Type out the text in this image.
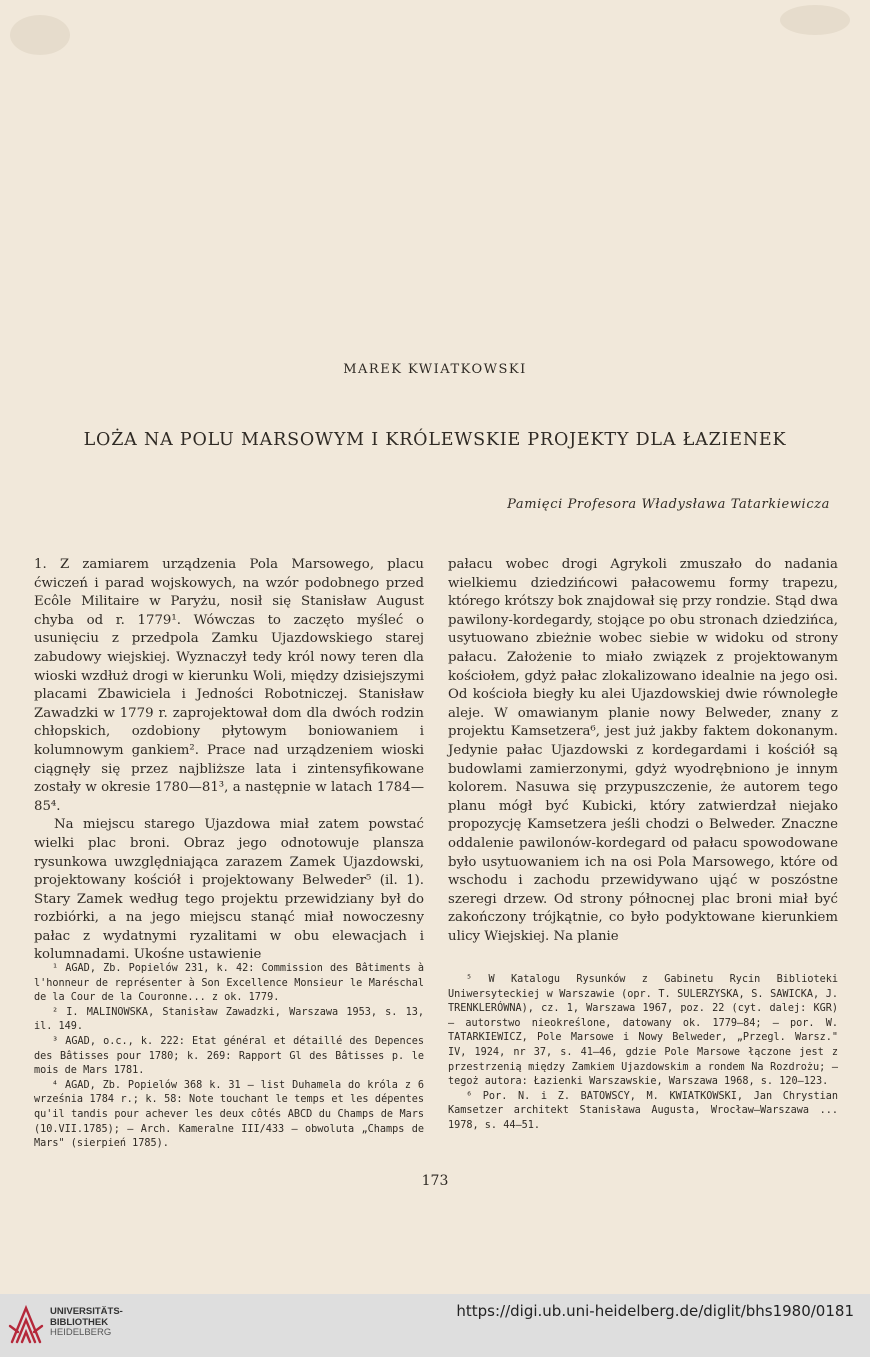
MAREK KWIATKOWSKI
LOŻA NA POLU MARSOWYM I KRÓLEWSKIE PROJEKTY DLA ŁAZIENEK
Pamięci Profesora Władysława Tatarkiewicza

1. Z zamiarem urządzenia Pola Marsowego, placu ćwiczeń i parad wojskowych, na wzór podobnego przed Ecôle Militaire w Paryżu, nosił się Stanisław August chyba od r. 1779¹. Wówczas to zaczęto myśleć o usunięciu z przedpola Zamku Ujazdowskiego starej zabudowy wiejskiej. Wyznaczył tedy król nowy teren dla wioski wzdłuż drogi w kierunku Woli, między dzisiejszymi placami Zbawiciela i Jedności Robotniczej. Stanisław Zawadzki w 1779 r. zaprojektował dom dla dwóch rodzin chłopskich, ozdobiony płytowym boniowaniem i kolumnowym gankiem². Prace nad urządzeniem wioski ciągnęły się przez najbliższe lata i zintensyfikowane zostały w okresie 1780—81³, a następnie w latach 1784—85⁴.

Na miejscu starego Ujazdowa miał zatem powstać wielki plac broni. Obraz jego odnotowuje plansza rysunkowa uwzględniająca zarazem Zamek Ujazdowski, projektowany kościół i projektowany Belweder⁵ (il. 1). Stary Zamek według tego projektu przewidziany był do rozbiórki, a na jego miejscu stanąć miał nowoczesny pałac z wydatnymi ryzalitami w obu elewacjach i kolumnadami. Ukośne ustawienie

pałacu wobec drogi Agrykoli zmuszało do nadania wielkiemu dziedzińcowi pałacowemu formy trapezu, którego krótszy bok znajdował się przy rondzie. Stąd dwa pawilony-kordegardy, stojące po obu stronach dziedzińca, usytuowano zbieżnie wobec siebie w widoku od strony pałacu. Założenie to miało związek z projektowanym kościołem, gdyż pałac zlokalizowano idealnie na jego osi. Od kościoła biegły ku alei Ujazdowskiej dwie równoległe aleje. W omawianym planie nowy Belweder, znany z projektu Kamsetzera⁶, jest już jakby faktem dokonanym. Jedynie pałac Ujazdowski z kordegardami i kościół są budowlami zamierzonymi, gdyż wyodrębniono je innym kolorem. Nasuwa się przypuszczenie, że autorem tego planu mógł być Kubicki, który zatwierdzał niejako propozycję Kamsetzera jeśli chodzi o Belweder. Znaczne oddalenie pawilonów-kordegard od pałacu spowodowane było usytuowaniem ich na osi Pola Marsowego, które od wschodu i zachodu przewidywano ująć w poszóstne szeregi drzew. Od strony północnej plac broni miał być zakończony trójkątnie, co było podyktowane kierunkiem ulicy Wiejskiej. Na planie

¹ AGAD, Zb. Popielów 231, k. 42: Commission des Bâtiments à l'honneur de représenter à Son Excellence Monsieur le Maréschal de la Cour de la Couronne... z ok. 1779.

² I. MALINOWSKA, Stanisław Zawadzki, Warszawa 1953, s. 13, il. 149.

³ AGAD, o.c., k. 222: Etat général et détaillé des Depences des Bâtisses pour 1780; k. 269: Rapport Gl des Bâtisses p. le mois de Mars 1781.

⁴ AGAD, Zb. Popielów 368 k. 31 — list Duhamela do króla z 6 września 1784 r.; k. 58: Note touchant le temps et les dépentes qu'il tandis pour achever les deux côtés ABCD du Champs de Mars (10.VII.1785); — Arch. Kameralne III/433 — obwoluta „Champs de Mars" (sierpień 1785).

⁵ W Katalogu Rysunków z Gabinetu Rycin Biblioteki Uniwersyteckiej w Warszawie (opr. T. SULERZYSKA, S. SAWICKA, J. TRENKLERÓWNA), cz. 1, Warszawa 1967, poz. 22 (cyt. dalej: KGR) — autorstwo nieokreślone, datowany ok. 1779—84; — por. W. TATARKIEWICZ, Pole Marsowe i Nowy Belweder, „Przegl. Warsz." IV, 1924, nr 37, s. 41—46, gdzie Pole Marsowe łączone jest z przestrzenią między Zamkiem Ujazdowskim a rondem Na Rozdrożu; — tegoż autora: Łazienki Warszawskie, Warszawa 1968, s. 120—123.

⁶ Por. N. i Z. BATOWSCY, M. KWIATKOWSKI, Jan Chrystian Kamsetzer architekt Stanisława Augusta, Wrocław—Warszawa ... 1978, s. 44—51.

173
UNIVERSITÄTS-
BIBLIOTHEK
HEIDELBERG
https://digi.ub.uni-heidelberg.de/diglit/bhs1980/0181
